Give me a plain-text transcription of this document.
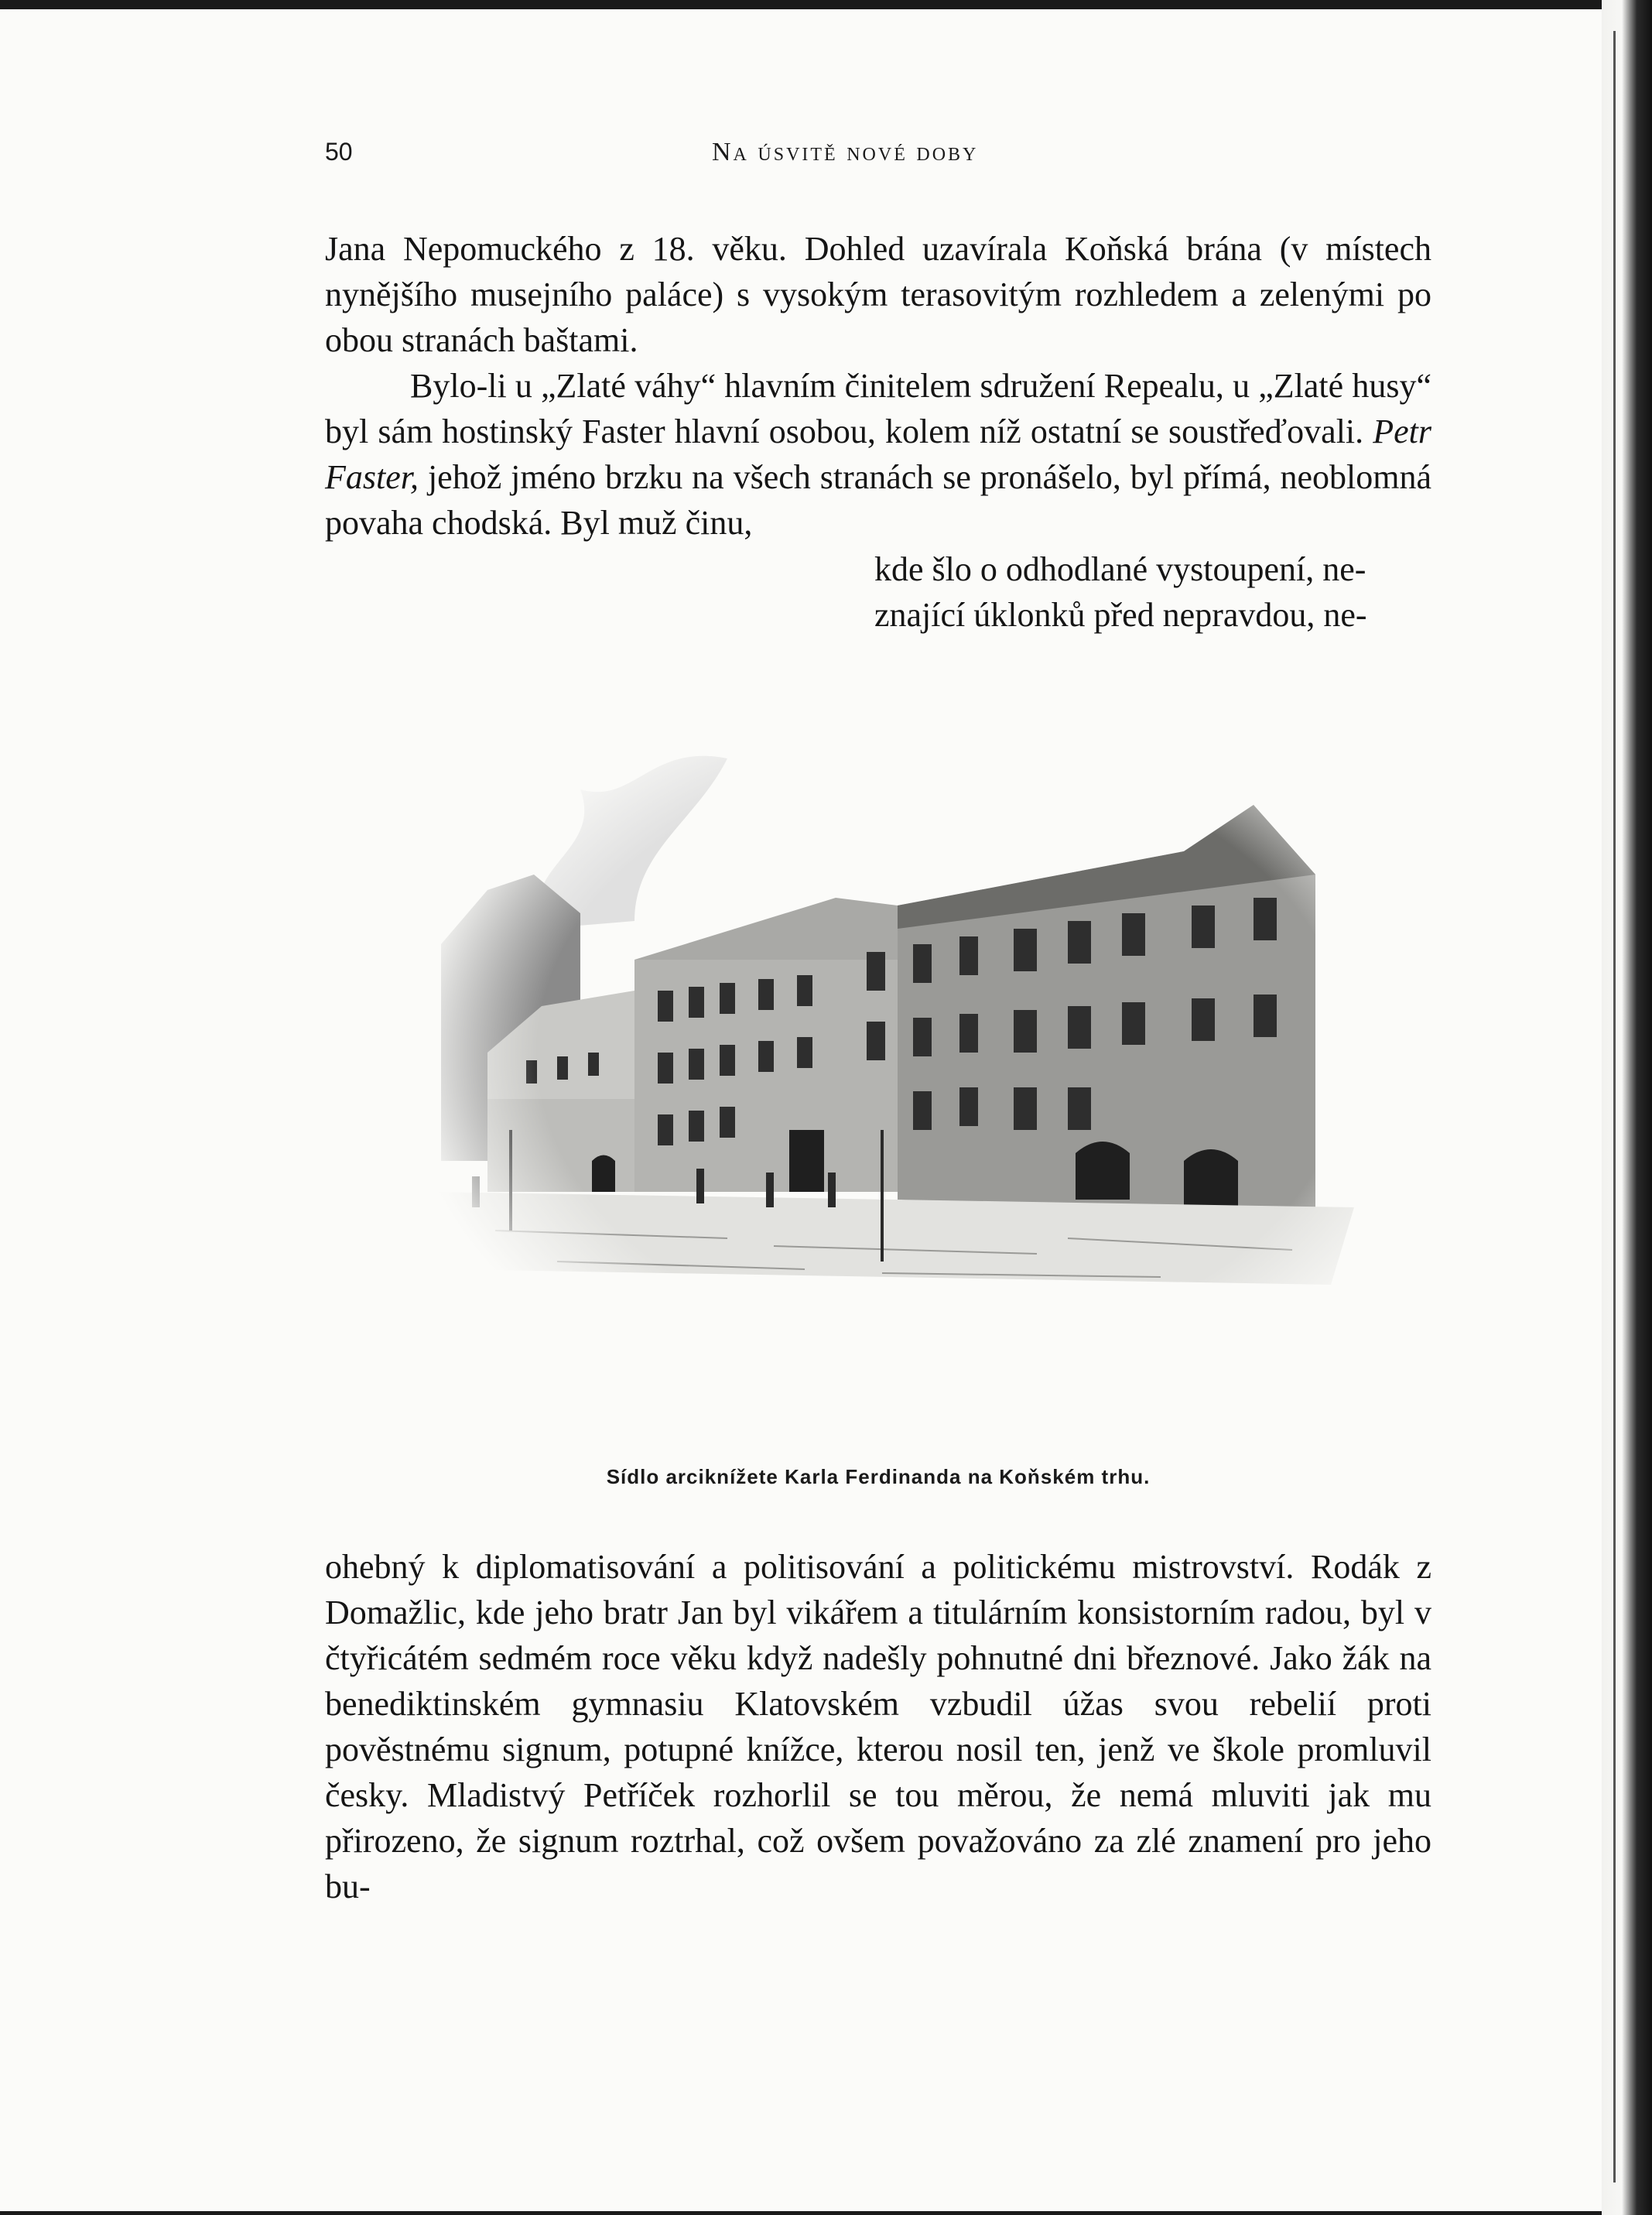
50	Na úsvitě nové doby

Jana Nepomuckého z 18. věku. Dohled uzavírala Koňská brána (v místech nynějšího musejního paláce) s vysokým terasovitým rozhledem a zelenými po obou stranách baštami.

Bylo-li u „Zlaté váhy“ hlavním činitelem sdružení Repealu, u „Zlaté husy“ byl sám hostinský Faster hlavní osobou, kolem níž ostatní se soustřeďovali. Petr Faster, jehož jméno brzku na všech stranách se pronášelo, byl přímá, neoblomná povaha chodská. Byl muž činu,

kde šlo o odhodlané vystoupení, ne-
znající úklonků před nepravdou, ne-
Sídlo arciknížete Karla Ferdinanda na Koňském trhu.

ohebný k diplomatisování a politisování a politickému mistrovství. Rodák z Domažlic, kde jeho bratr Jan byl vikářem a titulárním konsistorním radou, byl v čtyřicátém sedmém roce věku když nadešly pohnutné dni březnové. Jako žák na benediktinském gymnasiu Klatovském vzbudil úžas svou rebelií proti pověstnému signum, potupné knížce, kterou nosil ten, jenž ve škole promluvil česky. Mladistvý Petříček rozhorlil se tou měrou, že nemá mluviti jak mu přirozeno, že signum roztrhal, což ovšem považováno za zlé znamení pro jeho bu-
